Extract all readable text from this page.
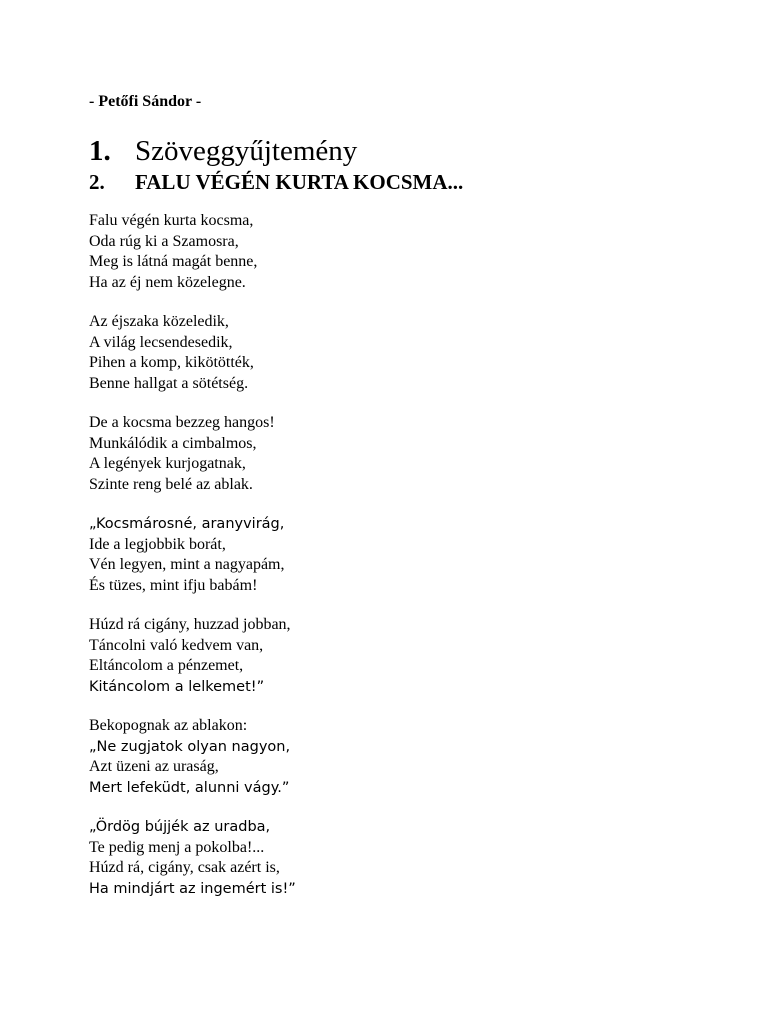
- Petőfi Sándor -
1. Szöveggyűjtemény
2. FALU VÉGÉN KURTA KOCSMA...
Falu végén kurta kocsma,
Oda rúg ki a Szamosra,
Meg is látná magát benne,
Ha az éj nem közelegne.
Az éjszaka közeledik,
A világ lecsendesedik,
Pihen a komp, kikötötték,
Benne hallgat a sötétség.
De a kocsma bezzeg hangos!
Munkálódik a cimbalmos,
A legények kurjogatnak,
Szinte reng belé az ablak.
„Kocsmárosné, aranyvirág,
Ide a legjobbik borát,
Vén legyen, mint a nagyapám,
És tüzes, mint ifju babám!
Húzd rá cigány, huzzad jobban,
Táncolni való kedvem van,
Eltáncolom a pénzemet,
Kitáncolom a lelkemet!”
Bekopognak az ablakon:
„Ne zugjatok olyan nagyon,
Azt üzeni az uraság,
Mert lefeküdt, alunni vágy.”
„Ördög bújjék az uradba,
Te pedig menj a pokolba!...
Húzd rá, cigány, csak azért is,
Ha mindjárt az ingemért is!”
